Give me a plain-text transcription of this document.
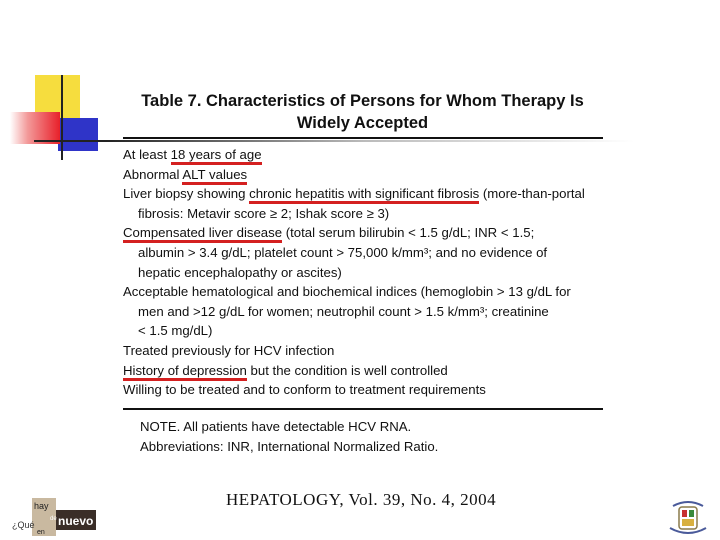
Table 7. Characteristics of Persons for Whom Therapy Is
Widely Accepted

At least 18 years of age

Abnormal ALT values

Liver biopsy showing chronic hepatitis with significant fibrosis (more-than-portal

fibrosis: Metavir score ≥ 2; Ishak score ≥ 3)

Compensated liver disease (total serum bilirubin < 1.5 g/dL; INR < 1.5;

albumin > 3.4 g/dL; platelet count > 75,000 k/mm³; and no evidence of

hepatic encephalopathy or ascites)

Acceptable hematological and biochemical indices (hemoglobin > 13 g/dL for

men and >12 g/dL for women; neutrophil count > 1.5 k/mm³; creatinine

< 1.5 mg/dL)

Treated previously for HCV infection

History of depression but the condition is well controlled

Willing to be treated and to conform to treatment requirements

NOTE. All patients have detectable HCV RNA.
Abbreviations: INR, International Normalized Ratio.
HEPATOLOGY, Vol. 39, No. 4, 2004
¿Qué
hay
de nuevo
en
